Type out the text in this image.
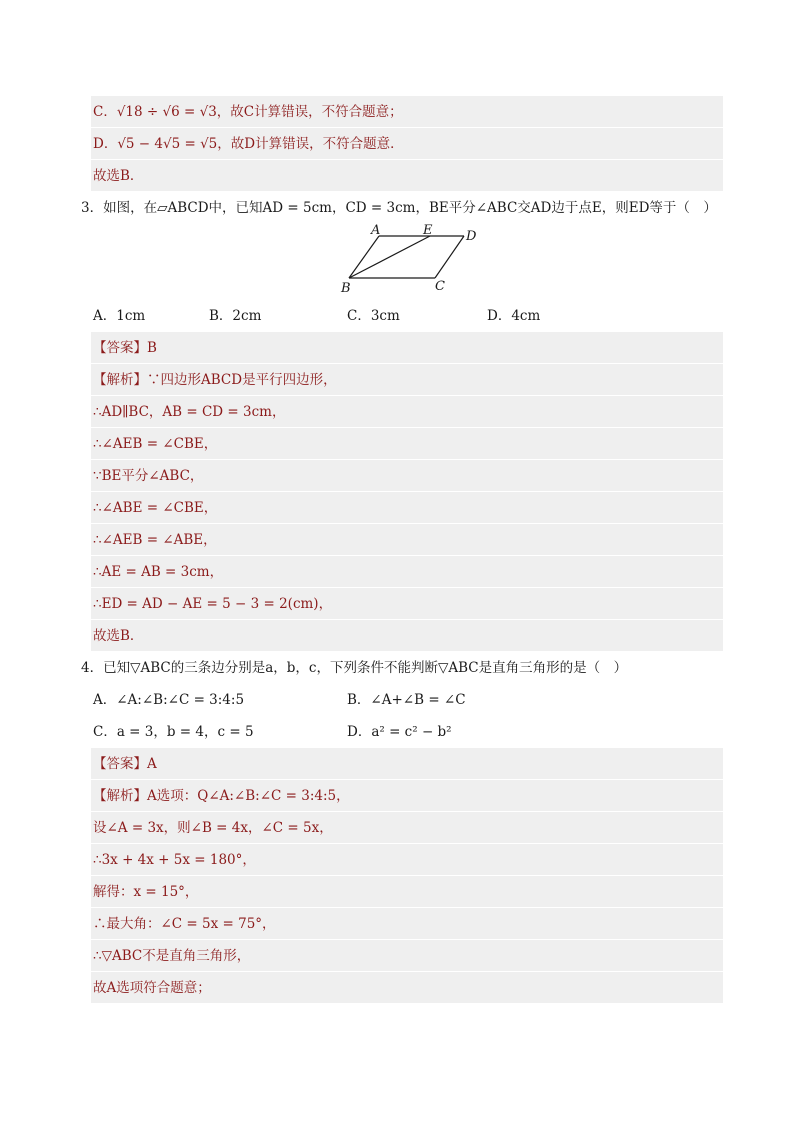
C．√18 ÷ √6 = √3，故C计算错误，不符合题意；
D．√5 − 4√5 = √5，故D计算错误，不符合题意．
故选B．
3．如图，在▱ABCD中，已知AD = 5cm，CD = 3cm，BE平分∠ABC交AD边于点E，则ED等于（　）
A	E	D
B	C
A．1cm	B．2cm	C．3cm	D．4cm
【答案】B
【解析】∵四边形ABCD是平行四边形，
∴AD∥BC，AB = CD = 3cm，
∴∠AEB = ∠CBE，
∵BE平分∠ABC，
∴∠ABE = ∠CBE，
∴∠AEB = ∠ABE，
∴AE = AB = 3cm，
∴ED = AD − AE = 5 − 3 = 2(cm)，
故选B．
4．已知▽ABC的三条边分别是a，b，c，下列条件不能判断▽ABC是直角三角形的是（　）
A．∠A:∠B:∠C = 3:4:5	B．∠A+∠B = ∠C
C．a = 3，b = 4，c = 5	D．a² = c² − b²
【答案】A
【解析】A选项：Q∠A:∠B:∠C = 3:4:5，
设∠A = 3x，则∠B = 4x，∠C = 5x，
∴3x + 4x + 5x = 180°，
解得：x = 15°，
∴最大角：∠C = 5x = 75°，
∴▽ABC不是直角三角形，
故A选项符合题意；
